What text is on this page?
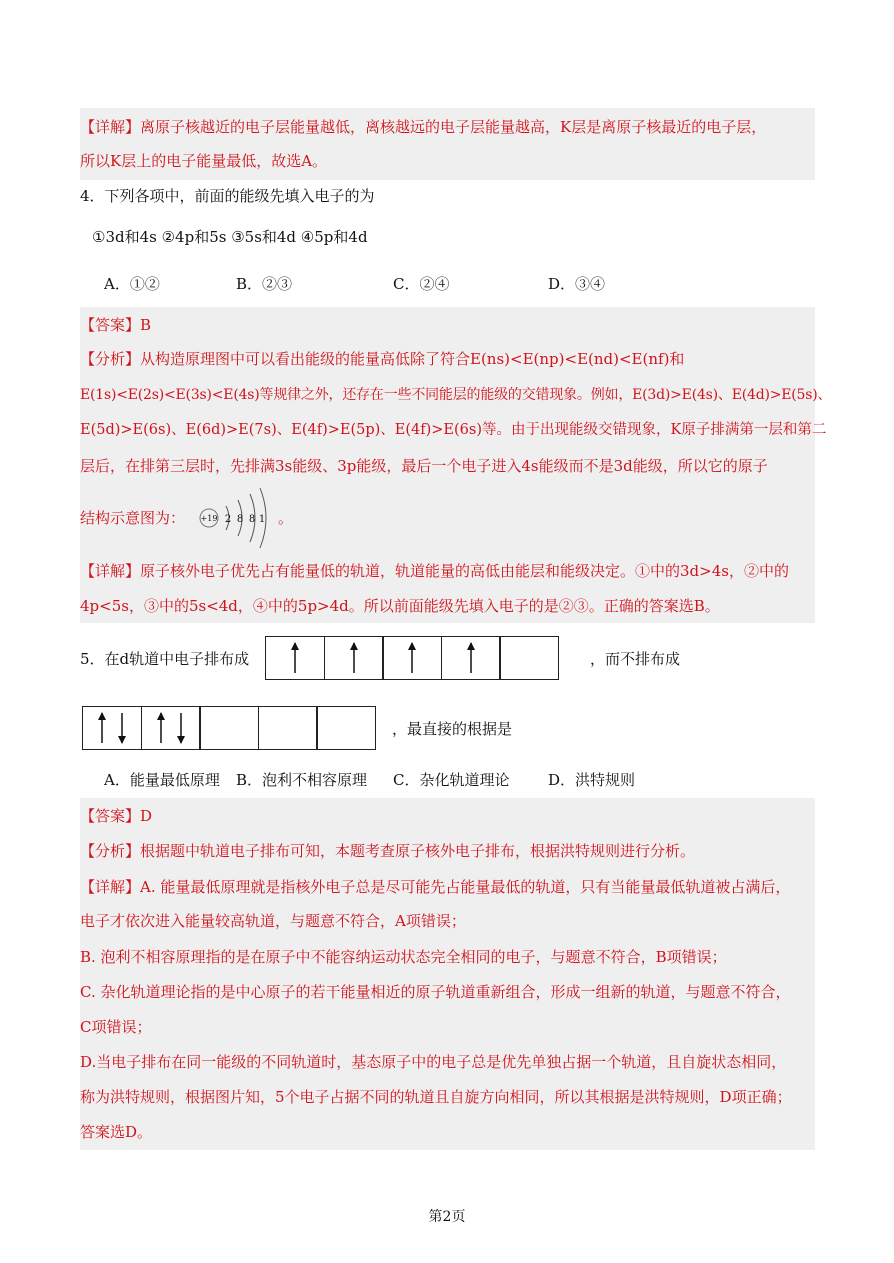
【详解】离原子核越近的电子层能量越低，离核越远的电子层能量越高，K层是离原子核最近的电子层，
所以K层上的电子能量最低，故选A。
4．下列各项中，前面的能级先填入电子的为
①3d和4s ②4p和5s ③5s和4d ④5p和4d
A．①②	B．②③	C．②④	D．③④
【答案】B
【分析】从构造原理图中可以看出能级的能量高低除了符合E(ns)<E(np)<E(nd)<E(nf)和
E(1s)<E(2s)<E(3s)<E(4s)等规律之外，还存在一些不同能层的能级的交错现象。例如，E(3d)>E(4s)、E(4d)>E(5s)、
E(5d)>E(6s)、E(6d)>E(7s)、E(4f)>E(5p)、E(4f)>E(6s)等。由于出现能级交错现象，K原子排满第一层和第二
层后，在排第三层时，先排满3s能级、3p能级，最后一个电子进入4s能级而不是3d能级，所以它的原子
结构示意图为： +19 2 8 8 1 。
【详解】原子核外电子优先占有能量低的轨道，轨道能量的高低由能层和能级决定。①中的3d>4s，②中的
4p<5s，③中的5s<4d，④中的5p>4d。所以前面能级先填入电子的是②③。正确的答案选B。
5．在d轨道中电子排布成	，而不排布成
，最直接的根据是
A．能量最低原理 B．泡利不相容原理 C．杂化轨道理论	D．洪特规则
【答案】D
【分析】根据题中轨道电子排布可知，本题考查原子核外电子排布，根据洪特规则进行分析。
【详解】A. 能量最低原理就是指核外电子总是尽可能先占能量最低的轨道，只有当能量最低轨道被占满后，
电子才依次进入能量较高轨道，与题意不符合，A项错误；
B. 泡利不相容原理指的是在原子中不能容纳运动状态完全相同的电子，与题意不符合，B项错误；
C. 杂化轨道理论指的是中心原子的若干能量相近的原子轨道重新组合，形成一组新的轨道，与题意不符合，
C项错误；
D.当电子排布在同一能级的不同轨道时，基态原子中的电子总是优先单独占据一个轨道，且自旋状态相同，
称为洪特规则，根据图片知，5个电子占据不同的轨道且自旋方向相同，所以其根据是洪特规则，D项正确；
答案选D。
第2页
